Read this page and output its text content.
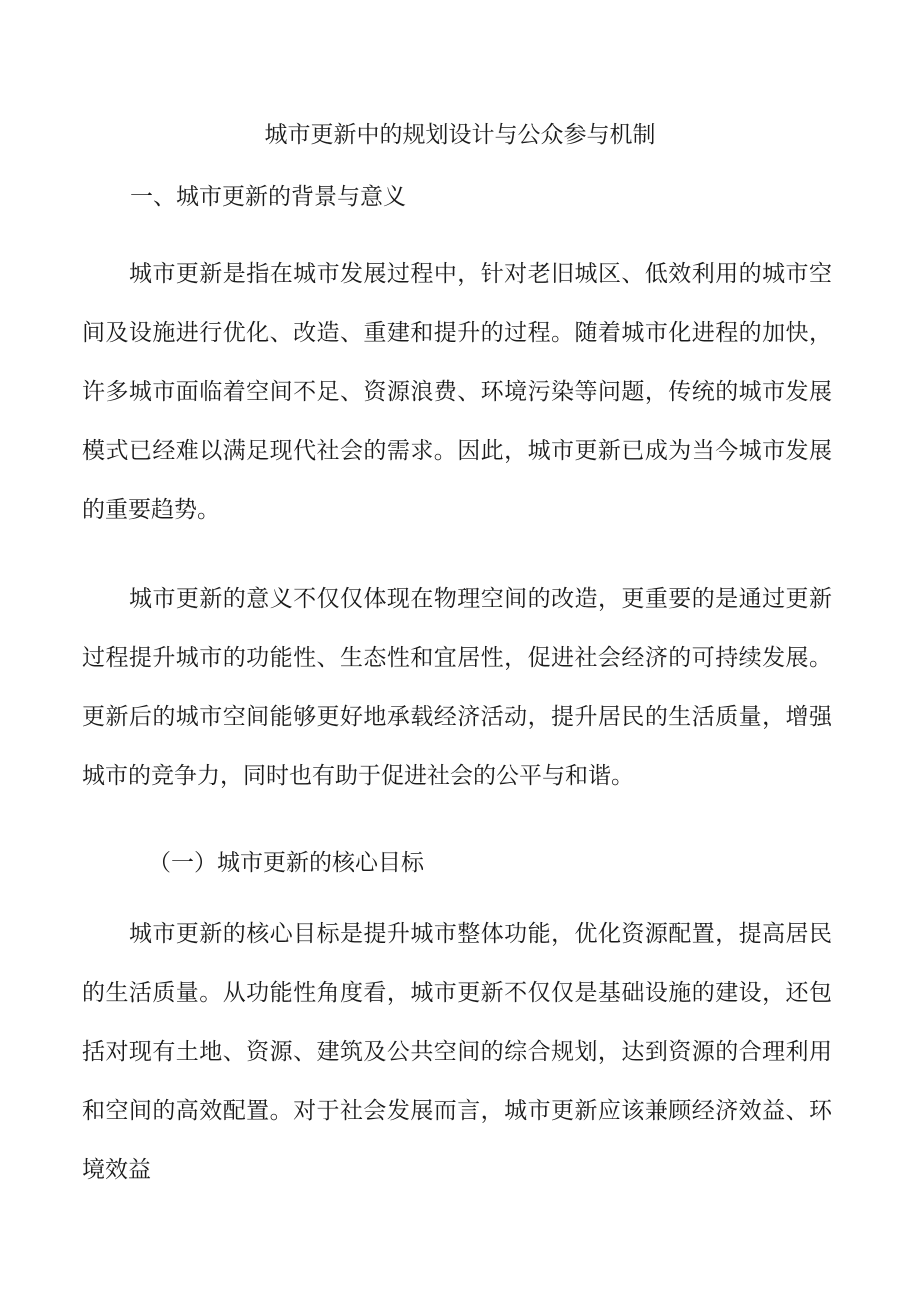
城市更新中的规划设计与公众参与机制
一、城市更新的背景与意义

城市更新是指在城市发展过程中，针对老旧城区、低效利用的城市空间及设施进行优化、改造、重建和提升的过程。随着城市化进程的加快，许多城市面临着空间不足、资源浪费、环境污染等问题，传统的城市发展模式已经难以满足现代社会的需求。因此，城市更新已成为当今城市发展的重要趋势。

城市更新的意义不仅仅体现在物理空间的改造，更重要的是通过更新过程提升城市的功能性、生态性和宜居性，促进社会经济的可持续发展。更新后的城市空间能够更好地承载经济活动，提升居民的生活质量，增强城市的竞争力，同时也有助于促进社会的公平与和谐。

（一）城市更新的核心目标

城市更新的核心目标是提升城市整体功能，优化资源配置，提高居民的生活质量。从功能性角度看，城市更新不仅仅是基础设施的建设，还包括对现有土地、资源、建筑及公共空间的综合规划，达到资源的合理利用和空间的高效配置。对于社会发展而言，城市更新应该兼顾经济效益、环境效益
